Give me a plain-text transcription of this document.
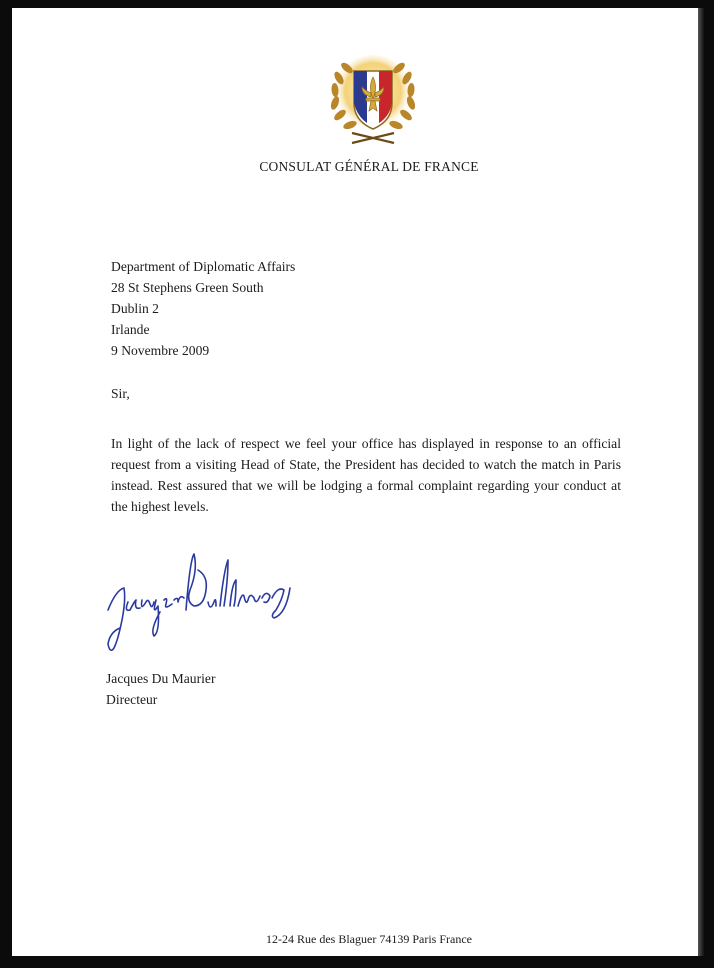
CONSULAT GÉNÉRAL DE FRANCE
Department of Diplomatic Affairs
28 St Stephens Green South
Dublin 2
Irlande
9 Novembre 2009
Sir,
In light of the lack of respect we feel your office has displayed in response to an official request from a visiting Head of State, the President has decided to watch the match in Paris instead. Rest assured that we will be lodging a formal complaint regarding your conduct at the highest levels.
Jacques Du Maurier
Directeur
12-24 Rue des Blaguer 74139 Paris France
